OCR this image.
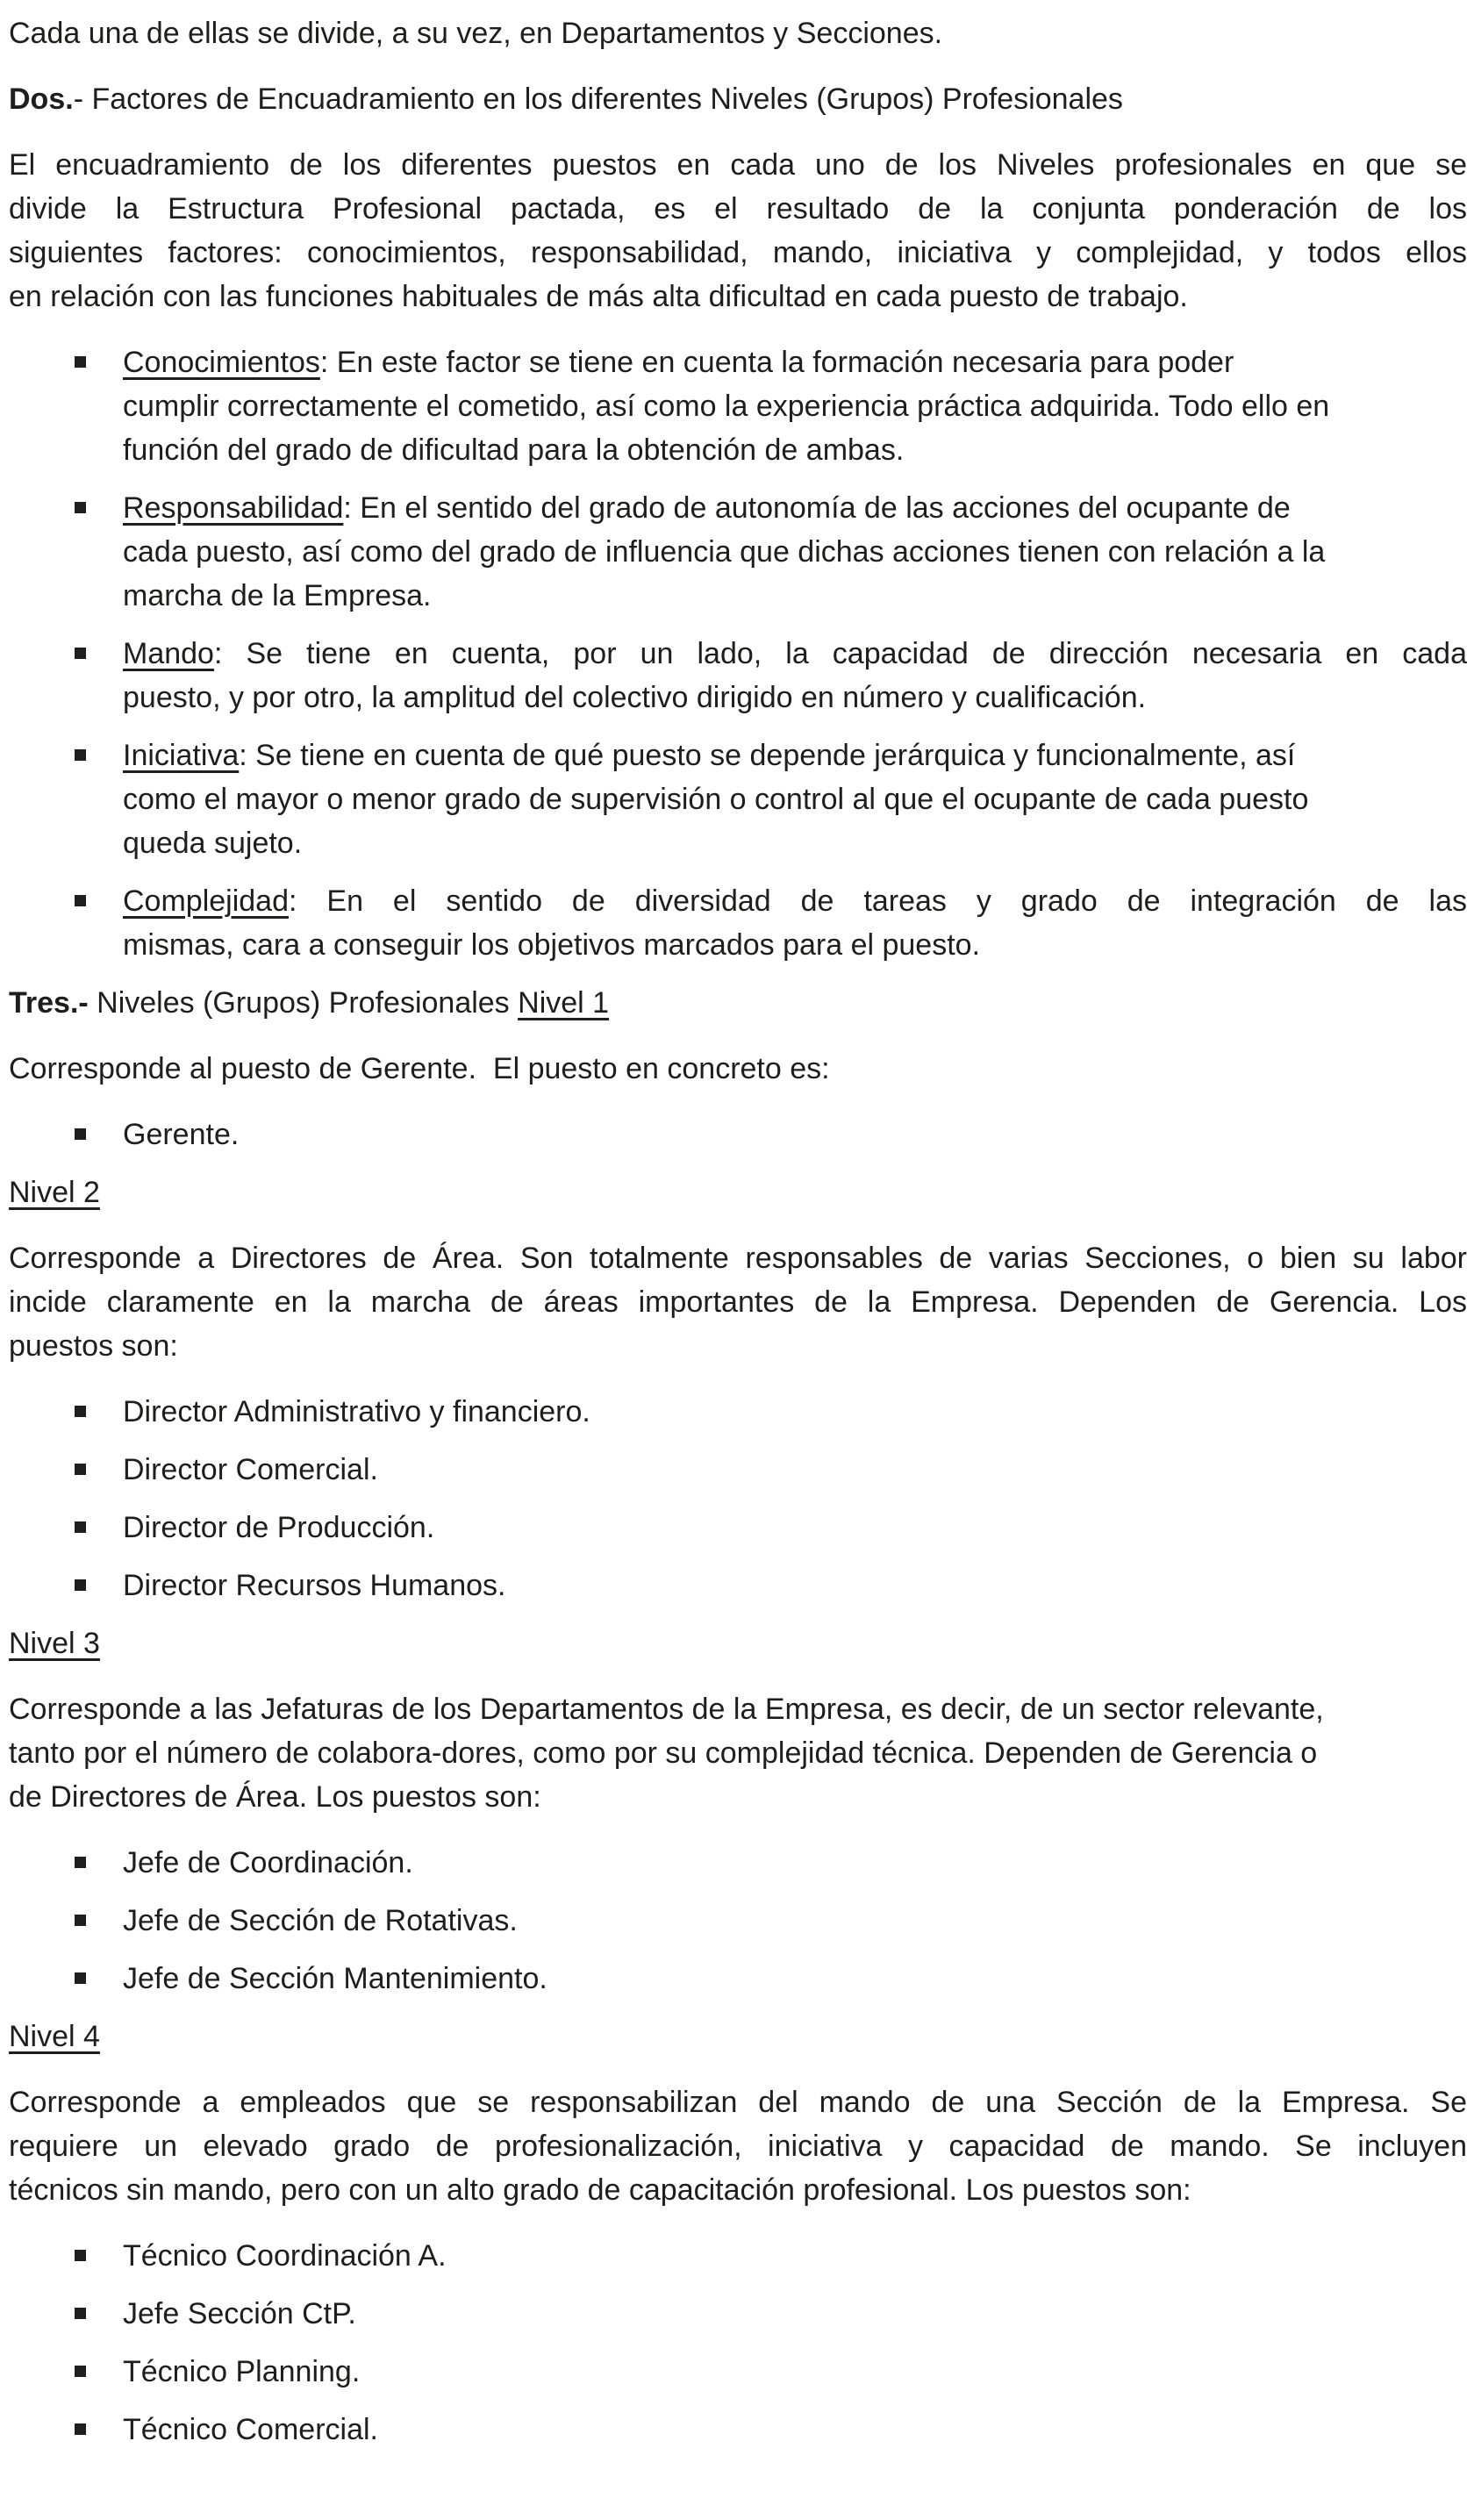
Cada una de ellas se divide, a su vez, en Departamentos y Secciones.
Dos.- Factores de Encuadramiento en los diferentes Niveles (Grupos) Profesionales
El encuadramiento de los diferentes puestos en cada uno de los Niveles profesionales en que se
divide la Estructura Profesional pactada, es el resultado de la conjunta ponderación de los
siguientes factores: conocimientos, responsabilidad, mando, iniciativa y complejidad, y todos ellos
en relación con las funciones habituales de más alta dificultad en cada puesto de trabajo.
Conocimientos: En este factor se tiene en cuenta la formación necesaria para poder
cumplir correctamente el cometido, así como la experiencia práctica adquirida. Todo ello en
función del grado de dificultad para la obtención de ambas.
Responsabilidad: En el sentido del grado de autonomía de las acciones del ocupante de
cada puesto, así como del grado de influencia que dichas acciones tienen con relación a la
marcha de la Empresa.
Mando: Se tiene en cuenta, por un lado, la capacidad de dirección necesaria en cada
puesto, y por otro, la amplitud del colectivo dirigido en número y cualificación.
Iniciativa: Se tiene en cuenta de qué puesto se depende jerárquica y funcionalmente, así
como el mayor o menor grado de supervisión o control al que el ocupante de cada puesto
queda sujeto.
Complejidad: En el sentido de diversidad de tareas y grado de integración de las
mismas, cara a conseguir los objetivos marcados para el puesto.
Tres.- Niveles (Grupos) Profesionales Nivel 1
Corresponde al puesto de Gerente.  El puesto en concreto es:
Gerente.
Nivel 2
Corresponde a Directores de Área. Son totalmente responsables de varias Secciones, o bien su labor
incide claramente en la marcha de áreas importantes de la Empresa. Dependen de Gerencia. Los
puestos son:
Director Administrativo y financiero.
Director Comercial.
Director de Producción.
Director Recursos Humanos.
Nivel 3
Corresponde a las Jefaturas de los Departamentos de la Empresa, es decir, de un sector relevante,
tanto por el número de colabora-dores, como por su complejidad técnica. Dependen de Gerencia o
de Directores de Área. Los puestos son:
Jefe de Coordinación.
Jefe de Sección de Rotativas.
Jefe de Sección Mantenimiento.
Nivel 4
Corresponde a empleados que se responsabilizan del mando de una Sección de la Empresa. Se
requiere un elevado grado de profesionalización, iniciativa y capacidad de mando. Se incluyen
técnicos sin mando, pero con un alto grado de capacitación profesional. Los puestos son:
Técnico Coordinación A.
Jefe Sección CtP.
Técnico Planning.
Técnico Comercial.
